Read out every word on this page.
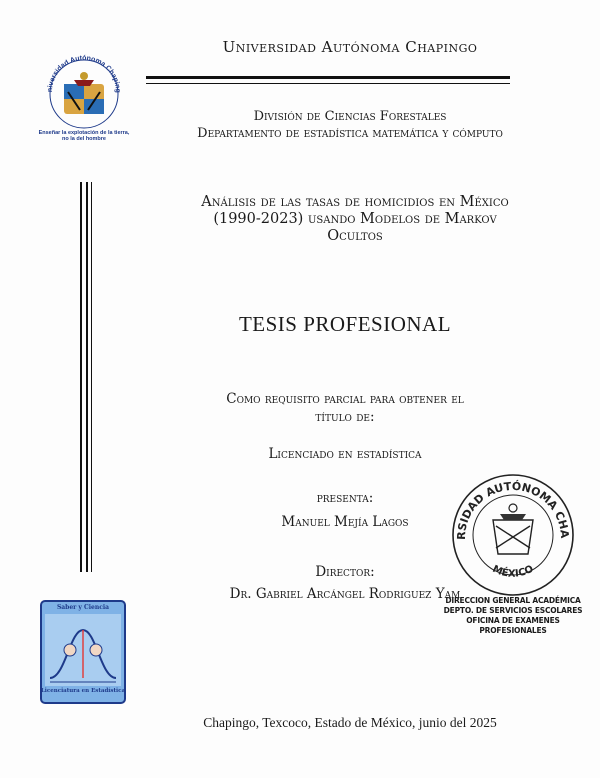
Universidad Autónoma Chapingo
niversidad Autónoma Chaping
Enseñar la explotación de la tierra,
no la del hombre
División de Ciencias Forestales
Departamento de estadística matemática y cómputo
Análisis de las tasas de homicidios en México
(1990-2023) usando Modelos de Markov
Ocultos
TESIS PROFESIONAL
Como requisito parcial para obtener el
título de:
Licenciado en estadística
presenta:
Manuel Mejía Lagos
Director:
Dr. Gabriel Arcángel Rodriguez Yam
RSIDAD AUTÓNOMA CHA
MÉXICO
DIRECCION GENERAL ACADÉMICA
DEPTO. DE SERVICIOS ESCOLARES
OFICINA DE EXAMENES PROFESIONALES
Saber y Ciencia
Licenciatura en Estadística
Chapingo, Texcoco, Estado de México, junio del 2025
